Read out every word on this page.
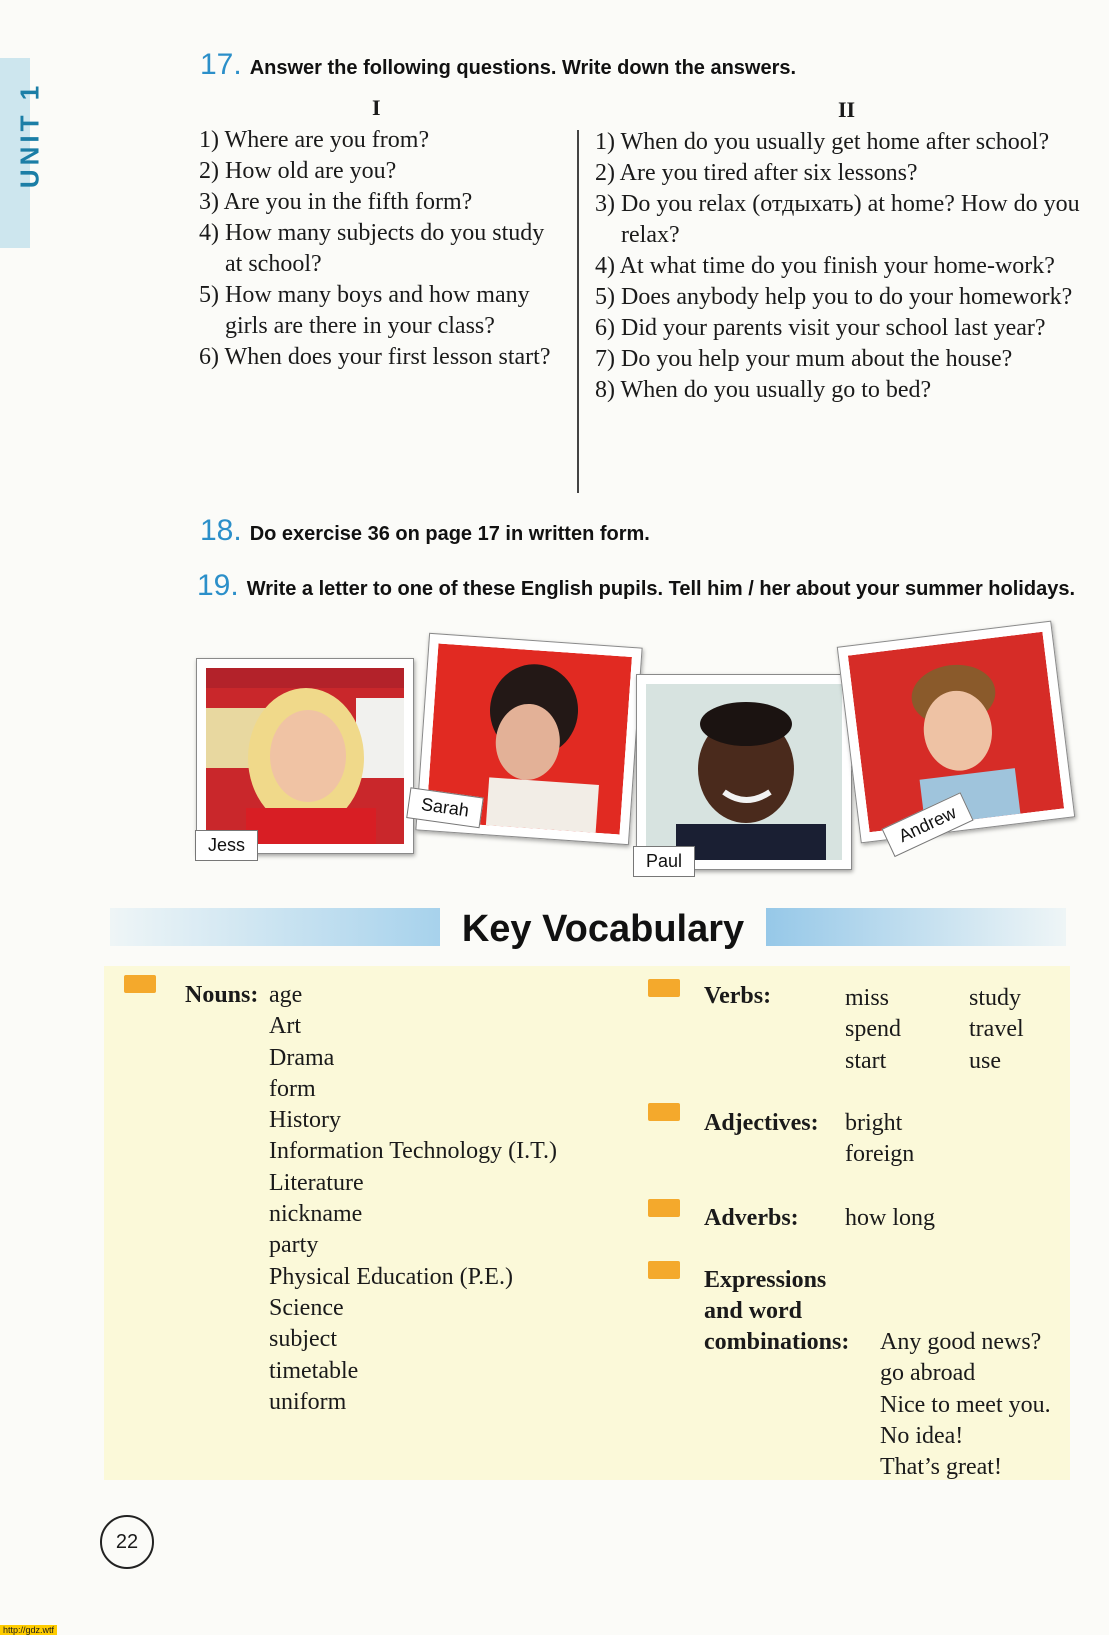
UNIT 1
17. Answer the following questions. Write down the answers.
I	II
1) Where are you from?
2) How old are you?
3) Are you in the fifth form?
4) How many subjects do you study at school?
5) How many boys and how many girls are there in your class?
6) When does your first lesson start?
1) When do you usually get home after school?
2) Are you tired after six lessons?
3) Do you relax (отдыхать) at home? How do you relax?
4) At what time do you finish your home-work?
5) Does anybody help you to do your homework?
6) Did your parents visit your school last year?
7) Do you help your mum about the house?
8) When do you usually go to bed?
18. Do exercise 36 on page 17 in written form.
19. Write a letter to one of these English pupils. Tell him / her about your summer holidays.
Jess
Sarah
Paul
Andrew
Key Vocabulary
Nouns: age
Art
Drama
form
History
Information Technology (I.T.)
Literature
nickname
party
Physical Education (P.E.)
Science
subject
timetable
uniform
Verbs:	miss
spend
start
study
travel
use
Adjectives: bright
foreign
Adverbs: how long
Expressions
and word
combinations: Any good news?
go abroad
Nice to meet you.
No idea!
That’s great!
22
http://gdz.wtf
